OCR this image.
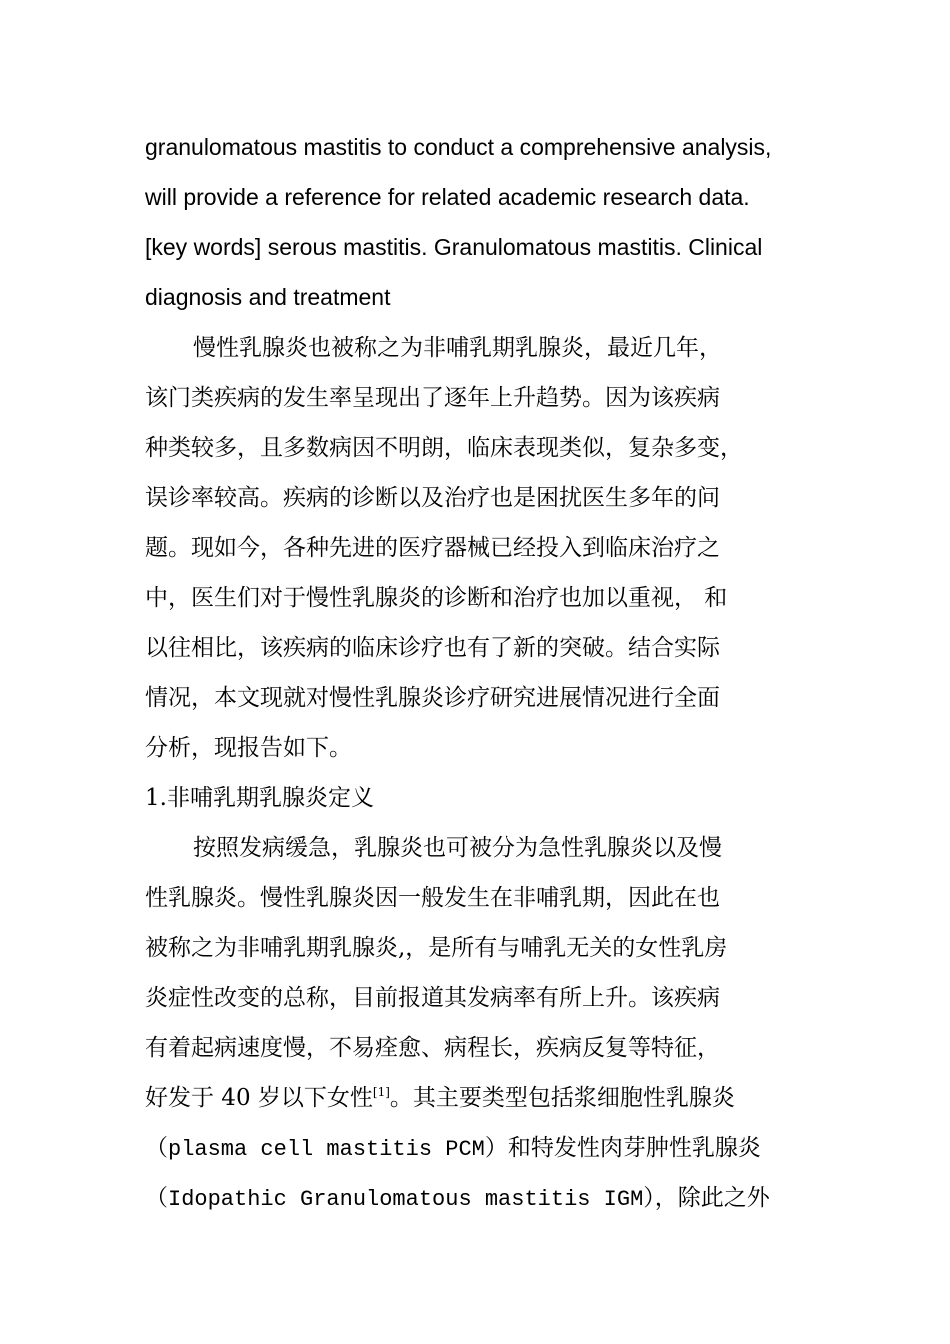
granulomatous mastitis to conduct a comprehensive analysis,
will provide a reference for related academic research data.
[key words] serous mastitis. Granulomatous mastitis. Clinical
diagnosis and treatment
慢性乳腺炎也被称之为非哺乳期乳腺炎，最近几年，
该门类疾病的发生率呈现出了逐年上升趋势。因为该疾病
种类较多，且多数病因不明朗，临床表现类似，复杂多变，
误诊率较高。疾病的诊断以及治疗也是困扰医生多年的问
题。现如今，各种先进的医疗器械已经投入到临床治疗之
中，医生们对于慢性乳腺炎的诊断和治疗也加以重视， 和
以往相比，该疾病的临床诊疗也有了新的突破。结合实际
情况，本文现就对慢性乳腺炎诊疗研究进展情况进行全面
分析，现报告如下。
1.非哺乳期乳腺炎定义
按照发病缓急，乳腺炎也可被分为急性乳腺炎以及慢
性乳腺炎。慢性乳腺炎因一般发生在非哺乳期，因此在也
被称之为非哺乳期乳腺炎,，是所有与哺乳无关的女性乳房
炎症性改变的总称，目前报道其发病率有所上升。该疾病
有着起病速度慢，不易痊愈、病程长，疾病反复等特征，
好发于 40 岁以下女性[1]。其主要类型包括浆细胞性乳腺炎
（plasma cell mastitis PCM）和特发性肉芽肿性乳腺炎
（Idopathic Granulomatous mastitis IGM），除此之外
